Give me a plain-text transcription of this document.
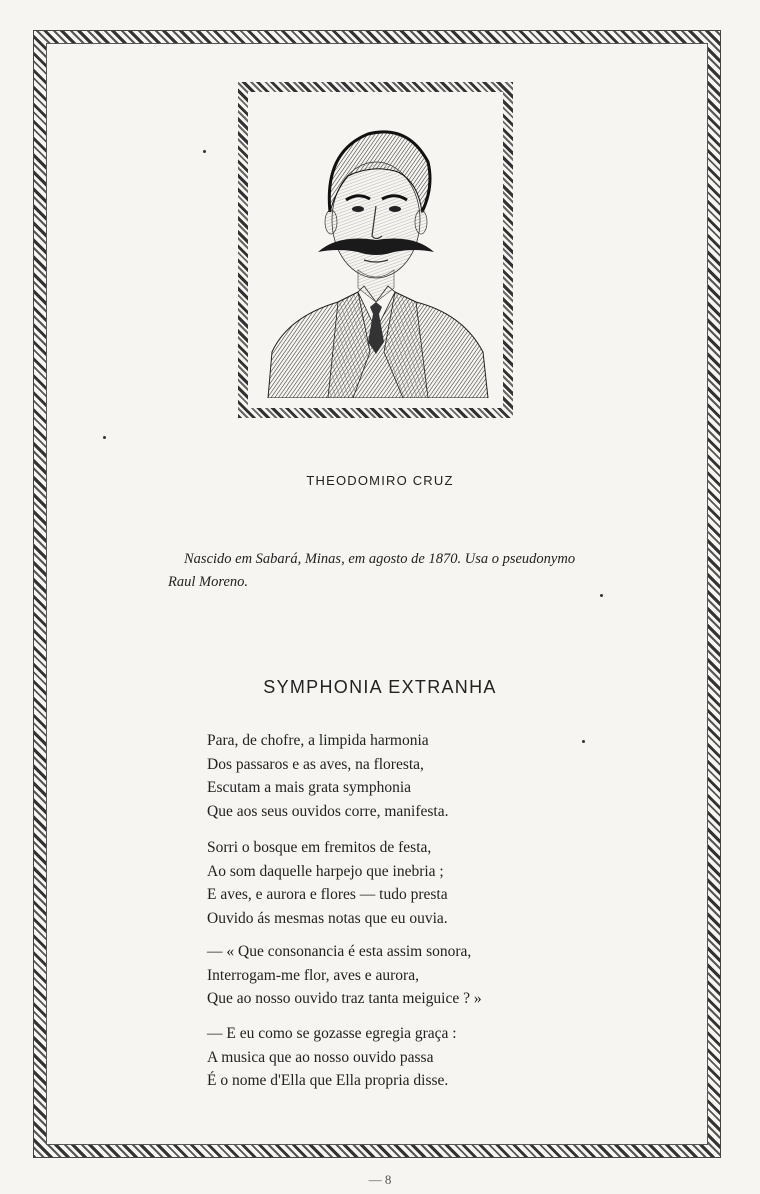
THEODOMIRO CRUZ
Nascido em Sabará, Minas, em agosto de 1870. Usa o pseudonymo Raul Moreno.
SYMPHONIA EXTRANHA
Para, de chofre, a limpida harmonia
Dos passaros e as aves, na floresta,
Escutam a mais grata symphonia
Que aos seus ouvidos corre, manifesta.
Sorri o bosque em fremitos de festa,
Ao som daquelle harpejo que inebria ;
E aves, e aurora e flores — tudo presta
Ouvido ás mesmas notas que eu ouvia.
— « Que consonancia é esta assim sonora,
Interrogam-me flor, aves e aurora,
Que ao nosso ouvido traz tanta meiguice ? »
— E eu como se gozasse egregia graça :
A musica que ao nosso ouvido passa
É o nome d'Ella que Ella propria disse.
— 8
